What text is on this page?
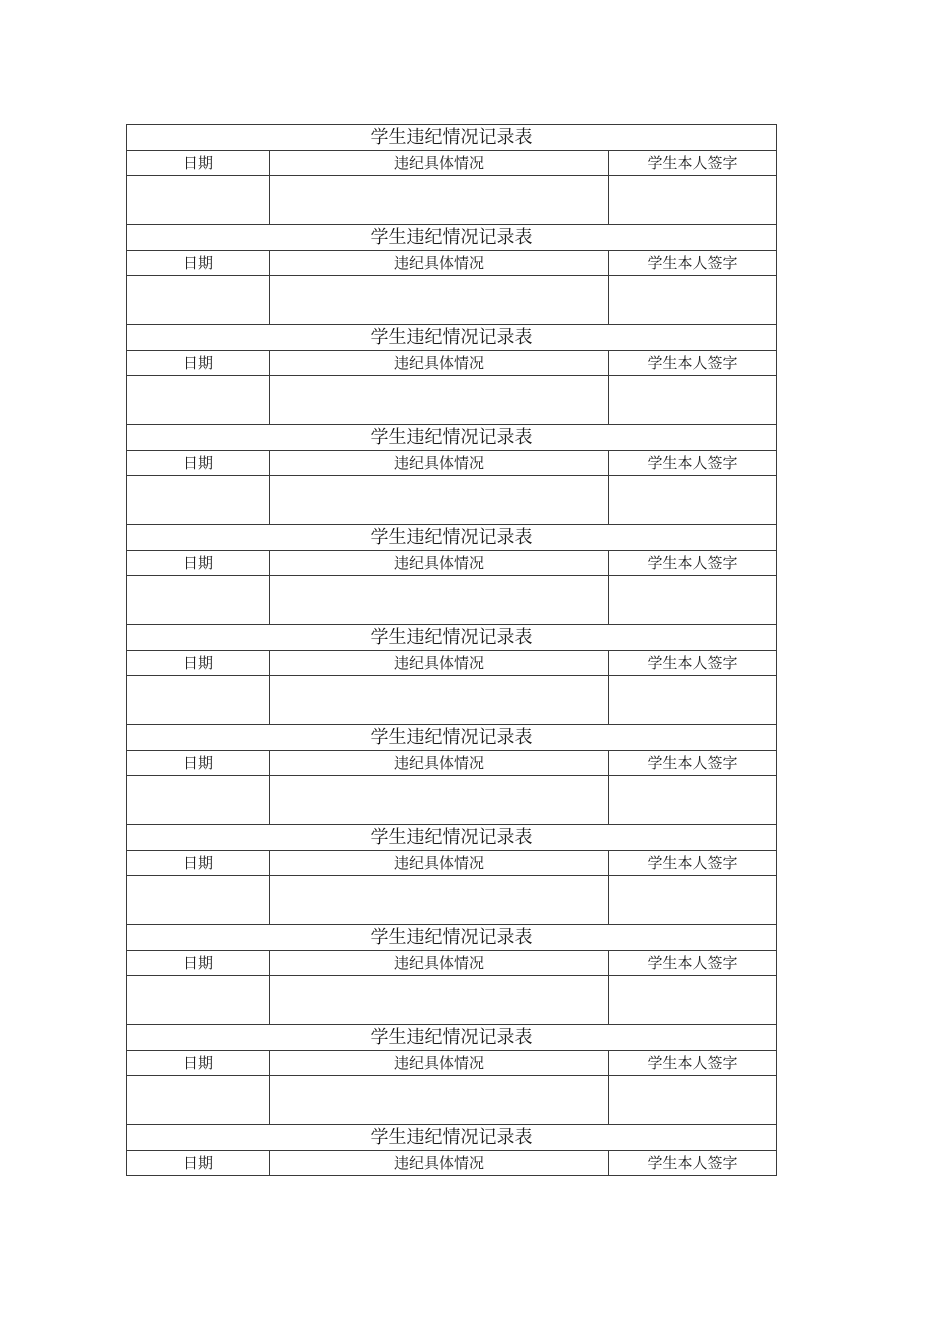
学生违纪情况记录表		
日期	违纪具体情况	学生本人签字

学生违纪情况记录表		
日期	违纪具体情况	学生本人签字

学生违纪情况记录表		
日期	违纪具体情况	学生本人签字

学生违纪情况记录表		
日期	违纪具体情况	学生本人签字

学生违纪情况记录表		
日期	违纪具体情况	学生本人签字

学生违纪情况记录表		
日期	违纪具体情况	学生本人签字

学生违纪情况记录表		
日期	违纪具体情况	学生本人签字

学生违纪情况记录表		
日期	违纪具体情况	学生本人签字

学生违纪情况记录表		
日期	违纪具体情况	学生本人签字

学生违纪情况记录表		
日期	违纪具体情况	学生本人签字

学生违纪情况记录表		
日期	违纪具体情况	学生本人签字
